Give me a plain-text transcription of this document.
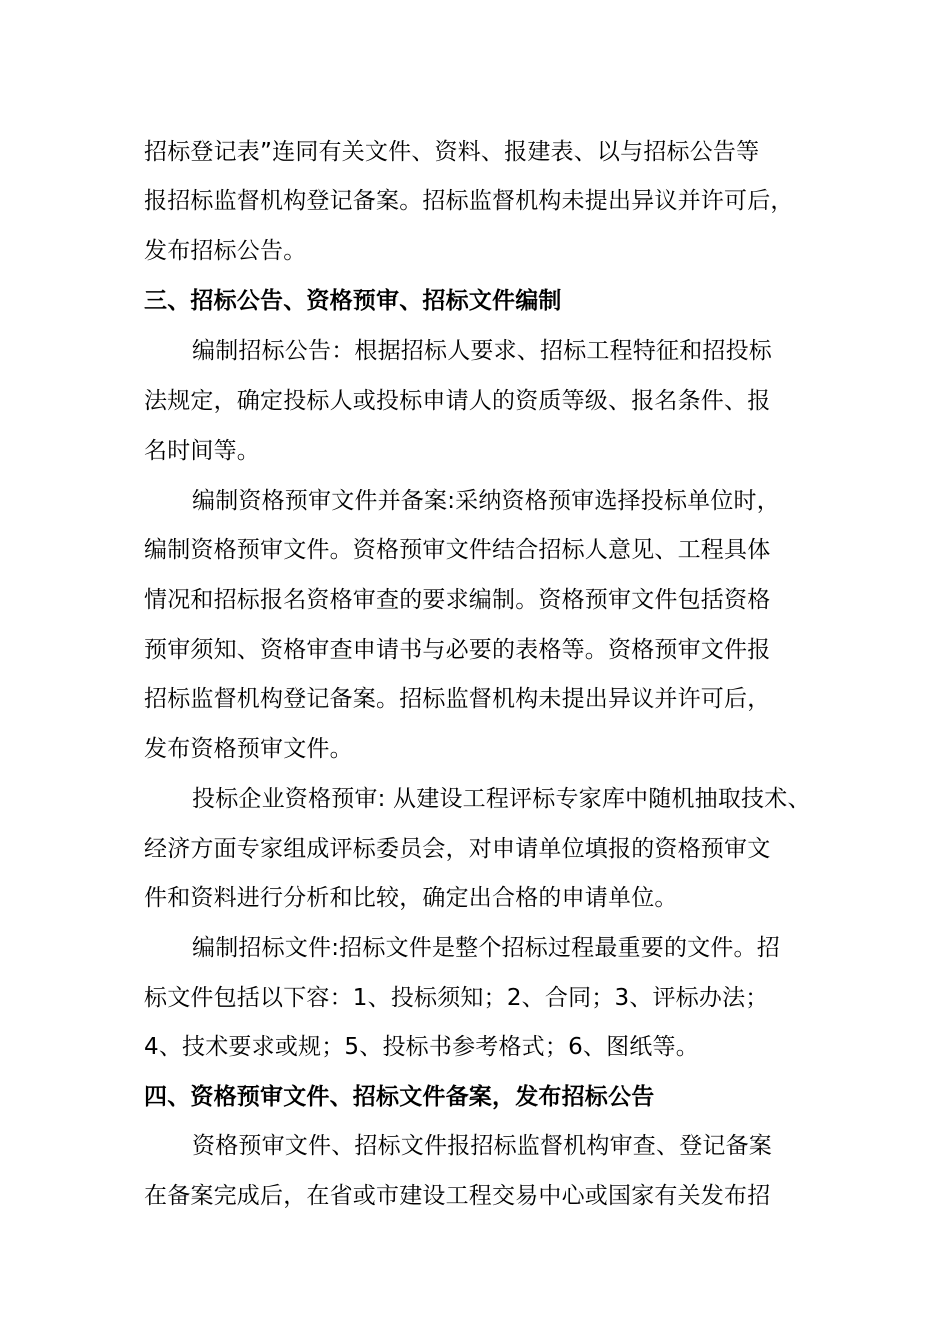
招标登记表”连同有关文件、资料、报建表、以与招标公告等
报招标监督机构登记备案。招标监督机构未提出异议并许可后，
发布招标公告。
三、招标公告、资格预审、招标文件编制
编制招标公告：根据招标人要求、招标工程特征和招投标
法规定，确定投标人或投标申请人的资质等级、报名条件、报
名时间等。
编制资格预审文件并备案:采纳资格预审选择投标单位时，
编制资格预审文件。资格预审文件结合招标人意见、工程具体
情况和招标报名资格审查的要求编制。资格预审文件包括资格
预审须知、资格审查申请书与必要的表格等。资格预审文件报
招标监督机构登记备案。招标监督机构未提出异议并许可后，
发布资格预审文件。
投标企业资格预审: 从建设工程评标专家库中随机抽取技术、
经济方面专家组成评标委员会，对申请单位填报的资格预审文
件和资料进行分析和比较，确定出合格的申请单位。
编制招标文件:招标文件是整个招标过程最重要的文件。招
标文件包括以下容：1、投标须知；2、合同；3、评标办法；
4、技术要求或规；5、投标书参考格式；6、图纸等。
四、资格预审文件、招标文件备案，发布招标公告
资格预审文件、招标文件报招标监督机构审查、登记备案
在备案完成后，在省或市建设工程交易中心或国家有关发布招
